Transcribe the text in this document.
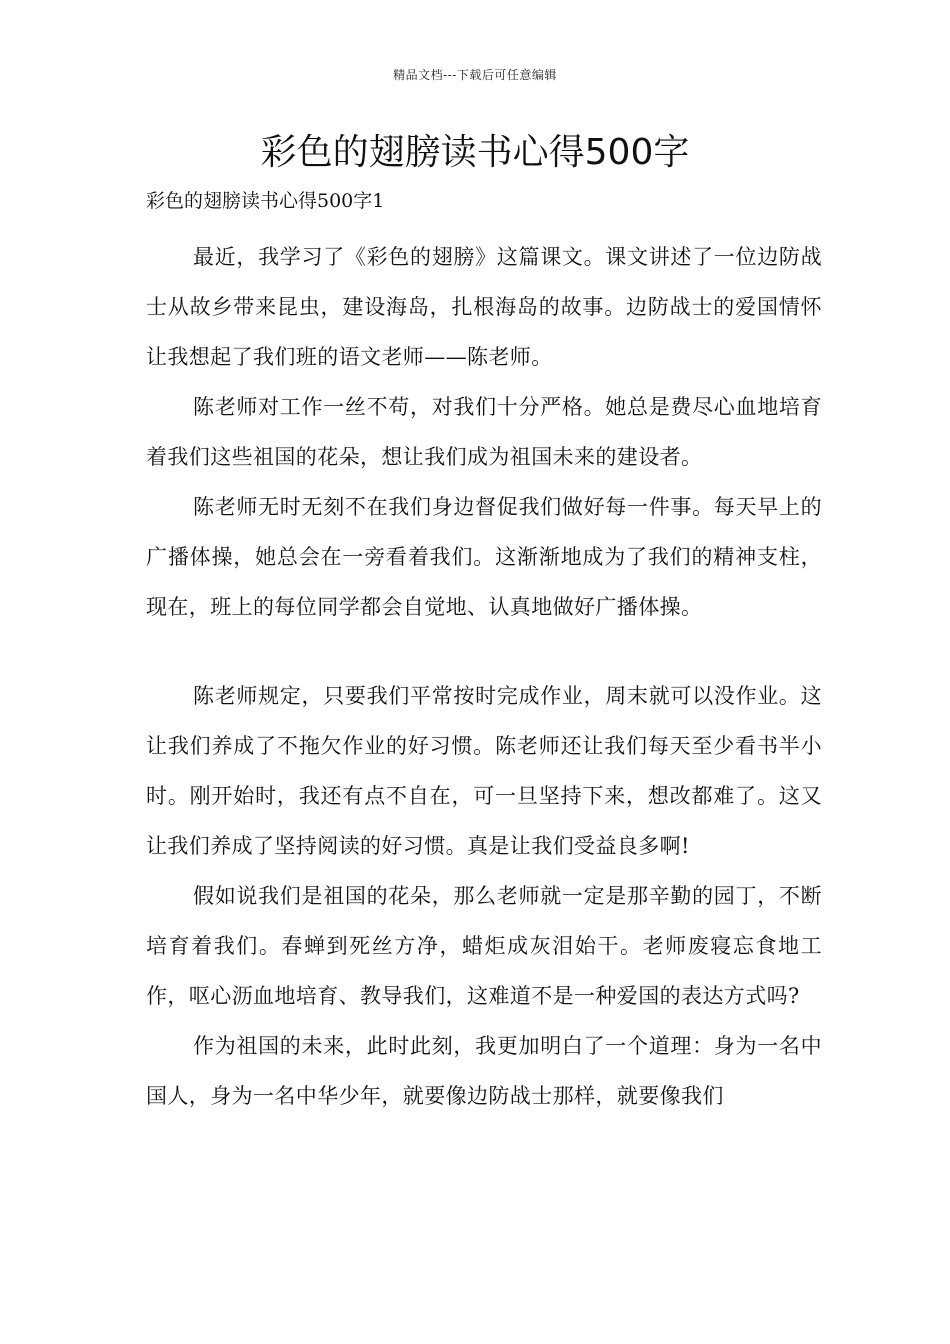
精品文档---下载后可任意编辑
彩色的翅膀读书心得500字
彩色的翅膀读书心得500字1

最近，我学习了《彩色的翅膀》这篇课文。课文讲述了一位边防战士从故乡带来昆虫，建设海岛，扎根海岛的故事。边防战士的爱国情怀让我想起了我们班的语文老师——陈老师。

陈老师对工作一丝不苟，对我们十分严格。她总是费尽心血地培育着我们这些祖国的花朵，想让我们成为祖国未来的建设者。

陈老师无时无刻不在我们身边督促我们做好每一件事。每天早上的广播体操，她总会在一旁看着我们。这渐渐地成为了我们的精神支柱，现在，班上的每位同学都会自觉地、认真地做好广播体操。

陈老师规定，只要我们平常按时完成作业，周末就可以没作业。这让我们养成了不拖欠作业的好习惯。陈老师还让我们每天至少看书半小时。刚开始时，我还有点不自在，可一旦坚持下来，想改都难了。这又让我们养成了坚持阅读的好习惯。真是让我们受益良多啊!

假如说我们是祖国的花朵，那么老师就一定是那辛勤的园丁，不断培育着我们。春蝉到死丝方净，蜡炬成灰泪始干。老师废寝忘食地工作，呕心沥血地培育、教导我们，这难道不是一种爱国的表达方式吗?

作为祖国的未来，此时此刻，我更加明白了一个道理：身为一名中国人，身为一名中华少年，就要像边防战士那样，就要像我们
